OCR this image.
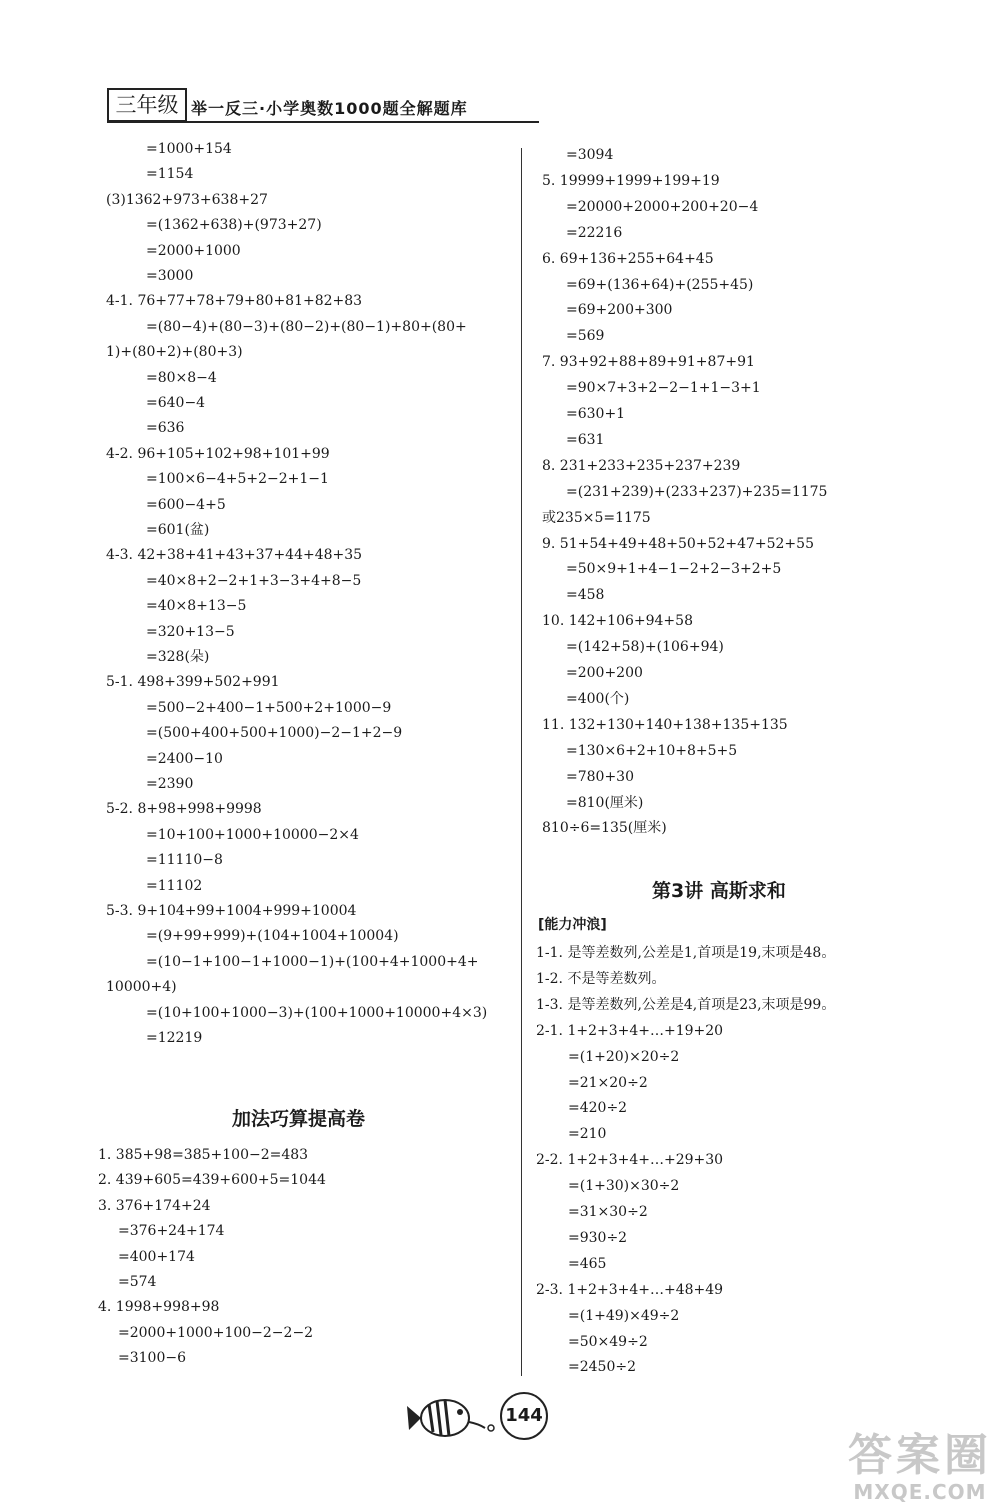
三年级 举一反三·小学奥数1000题全解题库
=1000+154
=1154
(3)1362+973+638+27
=(1362+638)+(973+27)
=2000+1000
=3000
4-1. 76+77+78+79+80+81+82+83
=(80−4)+(80−3)+(80−2)+(80−1)+80+(80+
1)+(80+2)+(80+3)
=80×8−4
=640−4
=636
4-2. 96+105+102+98+101+99
=100×6−4+5+2−2+1−1
=600−4+5
=601(盆)
4-3. 42+38+41+43+37+44+48+35
=40×8+2−2+1+3−3+4+8−5
=40×8+13−5
=320+13−5
=328(朵)
5-1. 498+399+502+991
=500−2+400−1+500+2+1000−9
=(500+400+500+1000)−2−1+2−9
=2400−10
=2390
5-2. 8+98+998+9998
=10+100+1000+10000−2×4
=11110−8
=11102
5-3. 9+104+99+1004+999+10004
=(9+99+999)+(104+1004+10004)
=(10−1+100−1+1000−1)+(100+4+1000+4+
10000+4)
=(10+100+1000−3)+(100+1000+10000+4×3)
=12219
1. 385+98=385+100−2=483
2. 439+605=439+600+5=1044
3. 376+174+24
=376+24+174
=400+174
=574
4. 1998+998+98
=2000+1000+100−2−2−2
=3100−6
=3094
5. 19999+1999+199+19
=20000+2000+200+20−4
=22216
6. 69+136+255+64+45
=69+(136+64)+(255+45)
=69+200+300
=569
7. 93+92+88+89+91+87+91
=90×7+3+2−2−1+1−3+1
=630+1
=631
8. 231+233+235+237+239
=(231+239)+(233+237)+235=1175
或235×5=1175
9. 51+54+49+48+50+52+47+52+55
=50×9+1+4−1−2+2−3+2+5
=458
10. 142+106+94+58
=(142+58)+(106+94)
=200+200
=400(个)
11. 132+130+140+138+135+135
=130×6+2+10+8+5+5
=780+30
=810(厘米)
810÷6=135(厘米)
1-1. 是等差数列,公差是1,首项是19,末项是48。
1-2. 不是等差数列。
1-3. 是等差数列,公差是4,首项是23,末项是99。
2-1. 1+2+3+4+…+19+20
=(1+20)×20÷2
=21×20÷2
=420÷2
=210
2-2. 1+2+3+4+…+29+30
=(1+30)×30÷2
=31×30÷2
=930÷2
=465
2-3. 1+2+3+4+…+48+49
=(1+49)×49÷2
=50×49÷2
=2450÷2
加法巧算提高卷
第3讲 高斯求和
[能力冲浪]
144
答案圈
MXQE.COM
